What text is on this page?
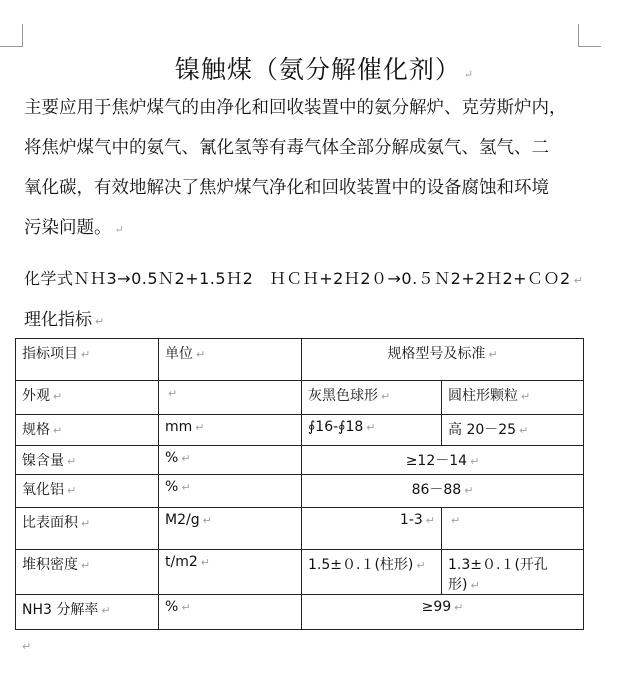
镍触煤（氨分解催化剂） ↵
主要应用于焦炉煤气的由净化和回收装置中的氨分解炉、克劳斯炉内，
将焦炉煤气中的氨气、氰化氢等有毒气体全部分解成氨气、氢气、二
氧化碳，有效地解决了焦炉煤气净化和回收装置中的设备腐蚀和环境
污染问题。 ↵
化学式ＮＨ3→0.5Ｎ2+1.5Ｈ2　ＨＣＨ+2Ｈ2０→0.５Ｎ2+2Ｈ2+ＣＯ2 ↵
理化指标 ↵
指标项目 ↵	单位 ↵	规格型号及标准 ↵	
外观 ↵	↵	灰黑色球形 ↵	圆柱形颗粒 ↵
规格 ↵	mm ↵	∮16-∮18 ↵	高 20－25 ↵
镍含量 ↵	% ↵	≥12－14 ↵	
氧化铝 ↵	% ↵	86－88 ↵	
比表面积 ↵	M2/g ↵	1-3 ↵	↵
堆积密度 ↵	t/m2 ↵	1.5±０.１(柱形) ↵	1.3±０.１(开孔形) ↵
NH3 分解率 ↵	% ↵	≥99 ↵	
↵
